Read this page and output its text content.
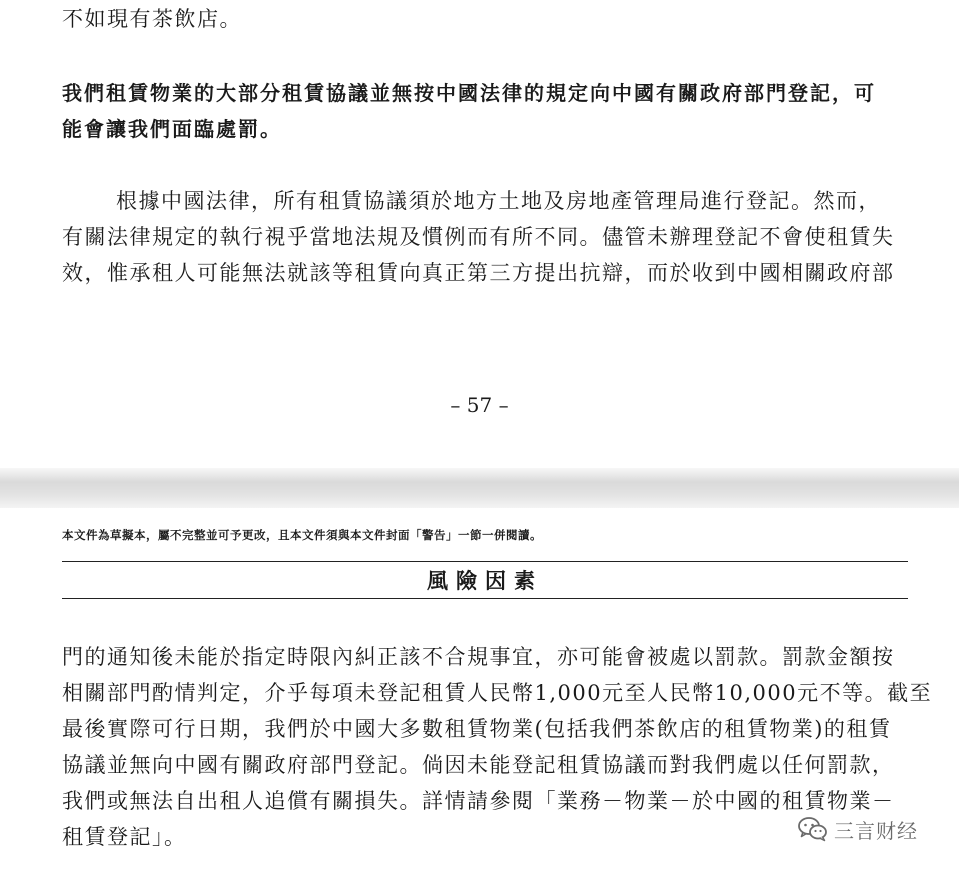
不如現有茶飲店。
我們租賃物業的大部分租賃協議並無按中國法律的規定向中國有關政府部門登記，可
能會讓我們面臨處罰。
根據中國法律，所有租賃協議須於地方土地及房地產管理局進行登記。然而，
有關法律規定的執行視乎當地法規及慣例而有所不同。儘管未辦理登記不會使租賃失
效，惟承租人可能無法就該等租賃向真正第三方提出抗辯，而於收到中國相關政府部
– 57 –
本文件為草擬本，屬不完整並可予更改，且本文件須與本文件封面「警告」一節一併閱讀。
風險因素
門的通知後未能於指定時限內糾正該不合規事宜，亦可能會被處以罰款。罰款金額按
相關部門酌情判定，介乎每項未登記租賃人民幣1,000元至人民幣10,000元不等。截至
最後實際可行日期，我們於中國大多數租賃物業(包括我們茶飲店的租賃物業)的租賃
協議並無向中國有關政府部門登記。倘因未能登記租賃協議而對我們處以任何罰款，
我們或無法自出租人追償有關損失。詳情請參閱「業務－物業－於中國的租賃物業－
租賃登記」。	三言财经
